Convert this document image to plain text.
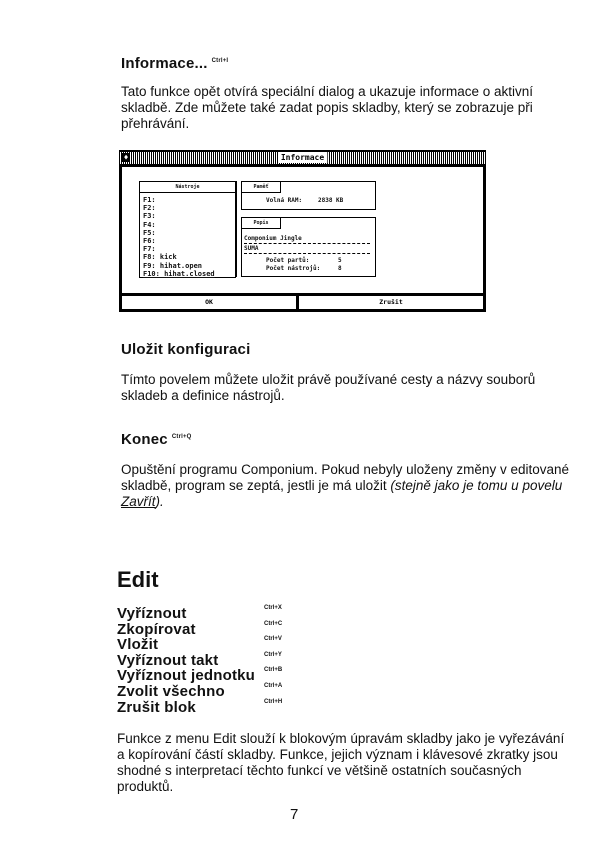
Informace... $^{Ctrl+I}$
Tato funkce opět otvírá speciální dialog a ukazuje informace o aktivní skladbě. Zde můžete také zadat popis skladby, který se zobrazuje při přehrávání.
♦	Informace
Nástroje
F1:
F2:
F3:
F4:
F5:
F6:
F7:
F8: kick
F9: hihat.open
F10: hihat.closed
Paměť
Volná RAM:	2838 KB
Popis
Componium Jingle
SUMA
Počet partů:	5
Počet nástrojů:	8
OK	Zrušit
Uložit konfiguraci
Tímto povelem můžete uložit právě používané cesty a názvy souborů skladeb a definice nástrojů.
Konec $^{Ctrl+Q}$
Opuštění programu Componium. Pokud nebyly uloženy změny v editované skladbě, program se zeptá, jestli je má uložit (stejně jako je tomu u povelu Zavřít).
Edit
Vyříznout	Ctrl+X
Zkopírovat	Ctrl+C
Vložit	Ctrl+V
Vyříznout takt	Ctrl+Y
Vyříznout jednotku Ctrl+B
Zvolit všechno	Ctrl+A
Zrušit blok	Ctrl+H
Funkce z menu Edit slouží k blokovým úpravám skladby jako je vyřezávání a kopírování částí skladby. Funkce, jejich význam i klávesové zkratky jsou shodné s interpretací těchto funkcí ve většině ostatních současných produktů.
7
